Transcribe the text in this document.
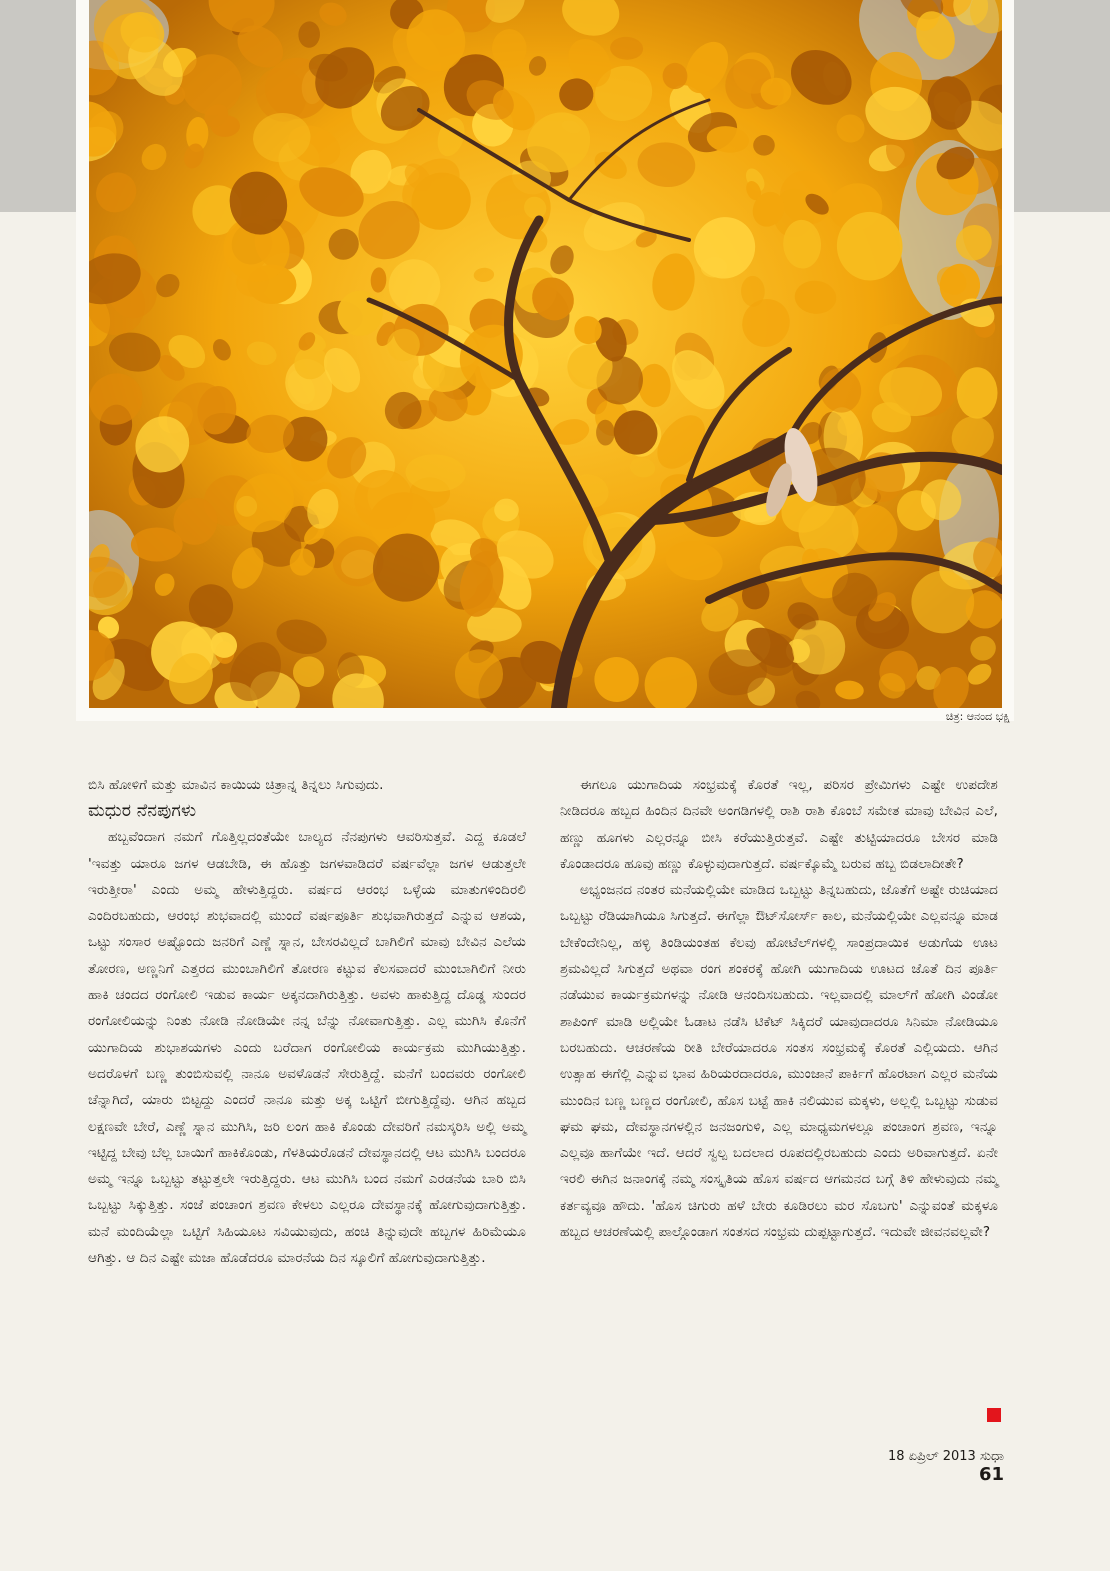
ಚಿತ್ರ: ಆನಂದ ಭಕ್ಷಿ

ಬಿಸಿ ಹೋಳಿಗೆ ಮತ್ತು ಮಾವಿನ ಕಾಯಿಯ ಚಿತ್ರಾನ್ನ ತಿನ್ನಲು ಸಿಗುವುದು.

ಮಧುರ ನೆನಪುಗಳು

ಹಬ್ಬವೆಂದಾಗ ನಮಗೆ ಗೊತ್ತಿಲ್ಲದಂತೆಯೇ ಬಾಲ್ಯದ ನೆನಪುಗಳು ಆವರಿಸುತ್ತವೆ. ಎದ್ದ ಕೂಡಲೆ 'ಇವತ್ತು ಯಾರೂ ಜಗಳ ಆಡಬೇಡಿ, ಈ ಹೊತ್ತು ಜಗಳವಾಡಿದರೆ ವರ್ಷವೆಲ್ಲಾ ಜಗಳ ಆಡುತ್ತಲೇ ಇರುತ್ತೀರಾ' ಎಂದು ಅಮ್ಮ ಹೇಳುತ್ತಿದ್ದರು. ವರ್ಷದ ಆರಂಭ ಒಳ್ಳೆಯ ಮಾತುಗಳಿಂದಿರಲಿ ಎಂದಿರಬಹುದು, ಆರಂಭ ಶುಭವಾದಲ್ಲಿ ಮುಂದೆ ವರ್ಷಪೂರ್ತಿ ಶುಭವಾಗಿರುತ್ತದೆ ಎನ್ನುವ ಆಶಯ, ಒಟ್ಟು ಸಂಸಾರ ಅಷ್ಟೊಂದು ಜನರಿಗೆ ಎಣ್ಣೆ ಸ್ನಾನ, ಬೇಸರವಿಲ್ಲದೆ ಬಾಗಿಲಿಗೆ ಮಾವು ಬೇವಿನ ಎಲೆಯ ತೋರಣ, ಅಣ್ಣನಿಗೆ ಎತ್ತರದ ಮುಂಬಾಗಿಲಿಗೆ ತೋರಣ ಕಟ್ಟುವ ಕೆಲಸವಾದರೆ ಮುಂಬಾಗಿಲಿಗೆ ನೀರು ಹಾಕಿ ಚಂದದ ರಂಗೋಲಿ ಇಡುವ ಕಾರ್ಯ ಅಕ್ಕನದಾಗಿರುತ್ತಿತ್ತು. ಅವಳು ಹಾಕುತ್ತಿದ್ದ ದೊಡ್ಡ ಸುಂದರ ರಂಗೋಲಿಯನ್ನು ನಿಂತು ನೋಡಿ ನೋಡಿಯೇ ನನ್ನ ಬೆನ್ನು ನೋವಾಗುತ್ತಿತ್ತು. ಎಲ್ಲ ಮುಗಿಸಿ ಕೊನೆಗೆ ಯುಗಾದಿಯ ಶುಭಾಶಯಗಳು ಎಂದು ಬರೆದಾಗ ರಂಗೋಲಿಯ ಕಾರ್ಯಕ್ರಮ ಮುಗಿಯುತ್ತಿತ್ತು. ಅದರೊಳಗೆ ಬಣ್ಣ ತುಂಬಿಸುವಲ್ಲಿ ನಾನೂ ಅವಳೊಡನೆ ಸೇರುತ್ತಿದ್ದೆ. ಮನೆಗೆ ಬಂದವರು ರಂಗೋಲಿ ಚೆನ್ನಾಗಿದೆ, ಯಾರು ಬಿಟ್ಟದ್ದು ಎಂದರೆ ನಾನೂ ಮತ್ತು ಅಕ್ಕ ಒಟ್ಟಿಗೆ ಬೀಗುತ್ತಿದ್ದೆವು. ಆಗಿನ ಹಬ್ಬದ ಲಕ್ಷಣವೇ ಬೇರೆ, ಎಣ್ಣೆ ಸ್ನಾನ ಮುಗಿಸಿ, ಜರಿ ಲಂಗ ಹಾಕಿ ಕೊಂಡು ದೇವರಿಗೆ ನಮಸ್ಕರಿಸಿ ಅಲ್ಲಿ ಅಮ್ಮ ಇಟ್ಟಿದ್ದ ಬೇವು ಬೆಲ್ಲ ಬಾಯಿಗೆ ಹಾಕಿಕೊಂಡು, ಗೆಳತಿಯರೊಡನೆ ದೇವಸ್ಥಾನದಲ್ಲಿ ಆಟ ಮುಗಿಸಿ ಬಂದರೂ ಅಮ್ಮ ಇನ್ನೂ ಒಬ್ಬಟ್ಟು ತಟ್ಟುತ್ತಲೇ ಇರುತ್ತಿದ್ದರು. ಆಟ ಮುಗಿಸಿ ಬಂದ ನಮಗೆ ಎರಡನೆಯ ಬಾರಿ ಬಿಸಿ ಒಬ್ಬಟ್ಟು ಸಿಕ್ಕುತ್ತಿತ್ತು. ಸಂಜೆ ಪಂಚಾಂಗ ಶ್ರವಣ ಕೇಳಲು ಎಲ್ಲರೂ ದೇವಸ್ಥಾನಕ್ಕೆ ಹೋಗುವುದಾಗುತ್ತಿತ್ತು. ಮನೆ ಮಂದಿಯೆಲ್ಲಾ ಒಟ್ಟಿಗೆ ಸಿಹಿಯೂಟ ಸವಿಯುವುದು, ಹಂಚಿ ತಿನ್ನುವುದೇ ಹಬ್ಬಗಳ ಹಿರಿಮೆಯೂ ಆಗಿತ್ತು. ಆ ದಿನ ಎಷ್ಟೇ ಮಜಾ ಹೊಡೆದರೂ ಮಾರನೆಯ ದಿನ ಸ್ಕೂಲಿಗೆ ಹೋಗುವುದಾಗುತ್ತಿತ್ತು.

ಈಗಲೂ ಯುಗಾದಿಯ ಸಂಭ್ರಮಕ್ಕೆ ಕೊರತೆ ಇಲ್ಲ, ಪರಿಸರ ಪ್ರೇಮಿಗಳು ಎಷ್ಟೇ ಉಪದೇಶ ನೀಡಿದರೂ ಹಬ್ಬದ ಹಿಂದಿನ ದಿನವೇ ಅಂಗಡಿಗಳಲ್ಲಿ ರಾಶಿ ರಾಶಿ ಕೊಂಬೆ ಸಮೇತ ಮಾವು ಬೇವಿನ ಎಲೆ, ಹಣ್ಣು ಹೂಗಳು ಎಲ್ಲರನ್ನೂ ಬೀಸಿ ಕರೆಯುತ್ತಿರುತ್ತವೆ. ಎಷ್ಟೇ ತುಟ್ಟಿಯಾದರೂ ಬೇಸರ ಮಾಡಿ ಕೊಂಡಾದರೂ ಹೂವು ಹಣ್ಣು ಕೊಳ್ಳುವುದಾಗುತ್ತದೆ. ವರ್ಷಕ್ಕೊಮ್ಮೆ ಬರುವ ಹಬ್ಬ ಬಿಡಲಾದೀತೇ?

ಅಭ್ಯಂಜನದ ನಂತರ ಮನೆಯಲ್ಲಿಯೇ ಮಾಡಿದ ಒಬ್ಬಟ್ಟು ತಿನ್ನಬಹುದು, ಜೊತೆಗೆ ಅಷ್ಟೇ ರುಚಿಯಾದ ಒಬ್ಬಟ್ಟು ರೆಡಿಯಾಗಿಯೂ ಸಿಗುತ್ತದೆ. ಈಗೆಲ್ಲಾ ಔಟ್‌ಸೋರ್ಸ್ ಕಾಲ, ಮನೆಯಲ್ಲಿಯೇ ಎಲ್ಲವನ್ನೂ ಮಾಡ ಬೇಕೆಂದೇನಿಲ್ಲ, ಹಳ್ಳಿ ತಿಂಡಿಯಂತಹ ಕೆಲವು ಹೋಟೆಲ್‌ಗಳಲ್ಲಿ ಸಾಂಪ್ರದಾಯಿಕ ಅಡುಗೆಯ ಊಟ ಶ್ರಮವಿಲ್ಲದೆ ಸಿಗುತ್ತದೆ ಅಥವಾ ರಂಗ ಶಂಕರಕ್ಕೆ ಹೋಗಿ ಯುಗಾದಿಯ ಊಟದ ಜೊತೆ ದಿನ ಪೂರ್ತಿ ನಡೆಯುವ ಕಾರ್ಯಕ್ರಮಗಳನ್ನು ನೋಡಿ ಆನಂದಿಸಬಹುದು. ಇಲ್ಲವಾದಲ್ಲಿ ಮಾಲ್‌ಗೆ ಹೋಗಿ ವಿಂಡೋ ಶಾಪಿಂಗ್ ಮಾಡಿ ಅಲ್ಲಿಯೇ ಓಡಾಟ ನಡೆಸಿ ಟಿಕೆಟ್ ಸಿಕ್ಕಿದರೆ ಯಾವುದಾದರೂ ಸಿನಿಮಾ ನೋಡಿಯೂ ಬರಬಹುದು. ಆಚರಣೆಯ ರೀತಿ ಬೇರೆಯಾದರೂ ಸಂತಸ ಸಂಭ್ರಮಕ್ಕೆ ಕೊರತೆ ಎಲ್ಲಿಯದು. ಆಗಿನ ಉತ್ಸಾಹ ಈಗೆಲ್ಲಿ ಎನ್ನುವ ಭಾವ ಹಿರಿಯರದಾದರೂ, ಮುಂಜಾನೆ ಪಾರ್ಕಿಗೆ ಹೊರಟಾಗ ಎಲ್ಲರ ಮನೆಯ ಮುಂದಿನ ಬಣ್ಣ ಬಣ್ಣದ ರಂಗೋಲಿ, ಹೊಸ ಬಟ್ಟೆ ಹಾಕಿ ನಲಿಯುವ ಮಕ್ಕಳು, ಅಲ್ಲಲ್ಲಿ ಒಬ್ಬಟ್ಟು ಸುಡುವ ಘಮ ಘಮ, ದೇವಸ್ಥಾನಗಳಲ್ಲಿನ ಜನಜಂಗುಳಿ, ಎಲ್ಲ ಮಾಧ್ಯಮಗಳಲ್ಲೂ ಪಂಚಾಂಗ ಶ್ರವಣ, ಇನ್ನೂ ಎಲ್ಲವೂ ಹಾಗೆಯೇ ಇದೆ. ಆದರೆ ಸ್ವಲ್ಪ ಬದಲಾದ ರೂಪದಲ್ಲಿರಬಹುದು ಎಂದು ಅರಿವಾಗುತ್ತದೆ. ಏನೇ ಇರಲಿ ಈಗಿನ ಜನಾಂಗಕ್ಕೆ ನಮ್ಮ ಸಂಸ್ಕೃತಿಯ ಹೊಸ ವರ್ಷದ ಆಗಮನದ ಬಗ್ಗೆ ತಿಳಿ ಹೇಳುವುದು ನಮ್ಮ ಕರ್ತವ್ಯವೂ ಹೌದು. 'ಹೊಸ ಚಿಗುರು ಹಳೆ ಬೇರು ಕೂಡಿರಲು ಮರ ಸೊಬಗು' ಎನ್ನುವಂತೆ ಮಕ್ಕಳೂ ಹಬ್ಬದ ಆಚರಣೆಯಲ್ಲಿ ಪಾಲ್ಗೊಂಡಾಗ ಸಂತಸದ ಸಂಭ್ರಮ ದುಪ್ಪಟ್ಟಾಗುತ್ತದೆ. ಇದುವೇ ಜೀವನವಲ್ಲವೇ?

18 ಏಪ್ರಿಲ್ 2013 ಸುಧಾ 61
